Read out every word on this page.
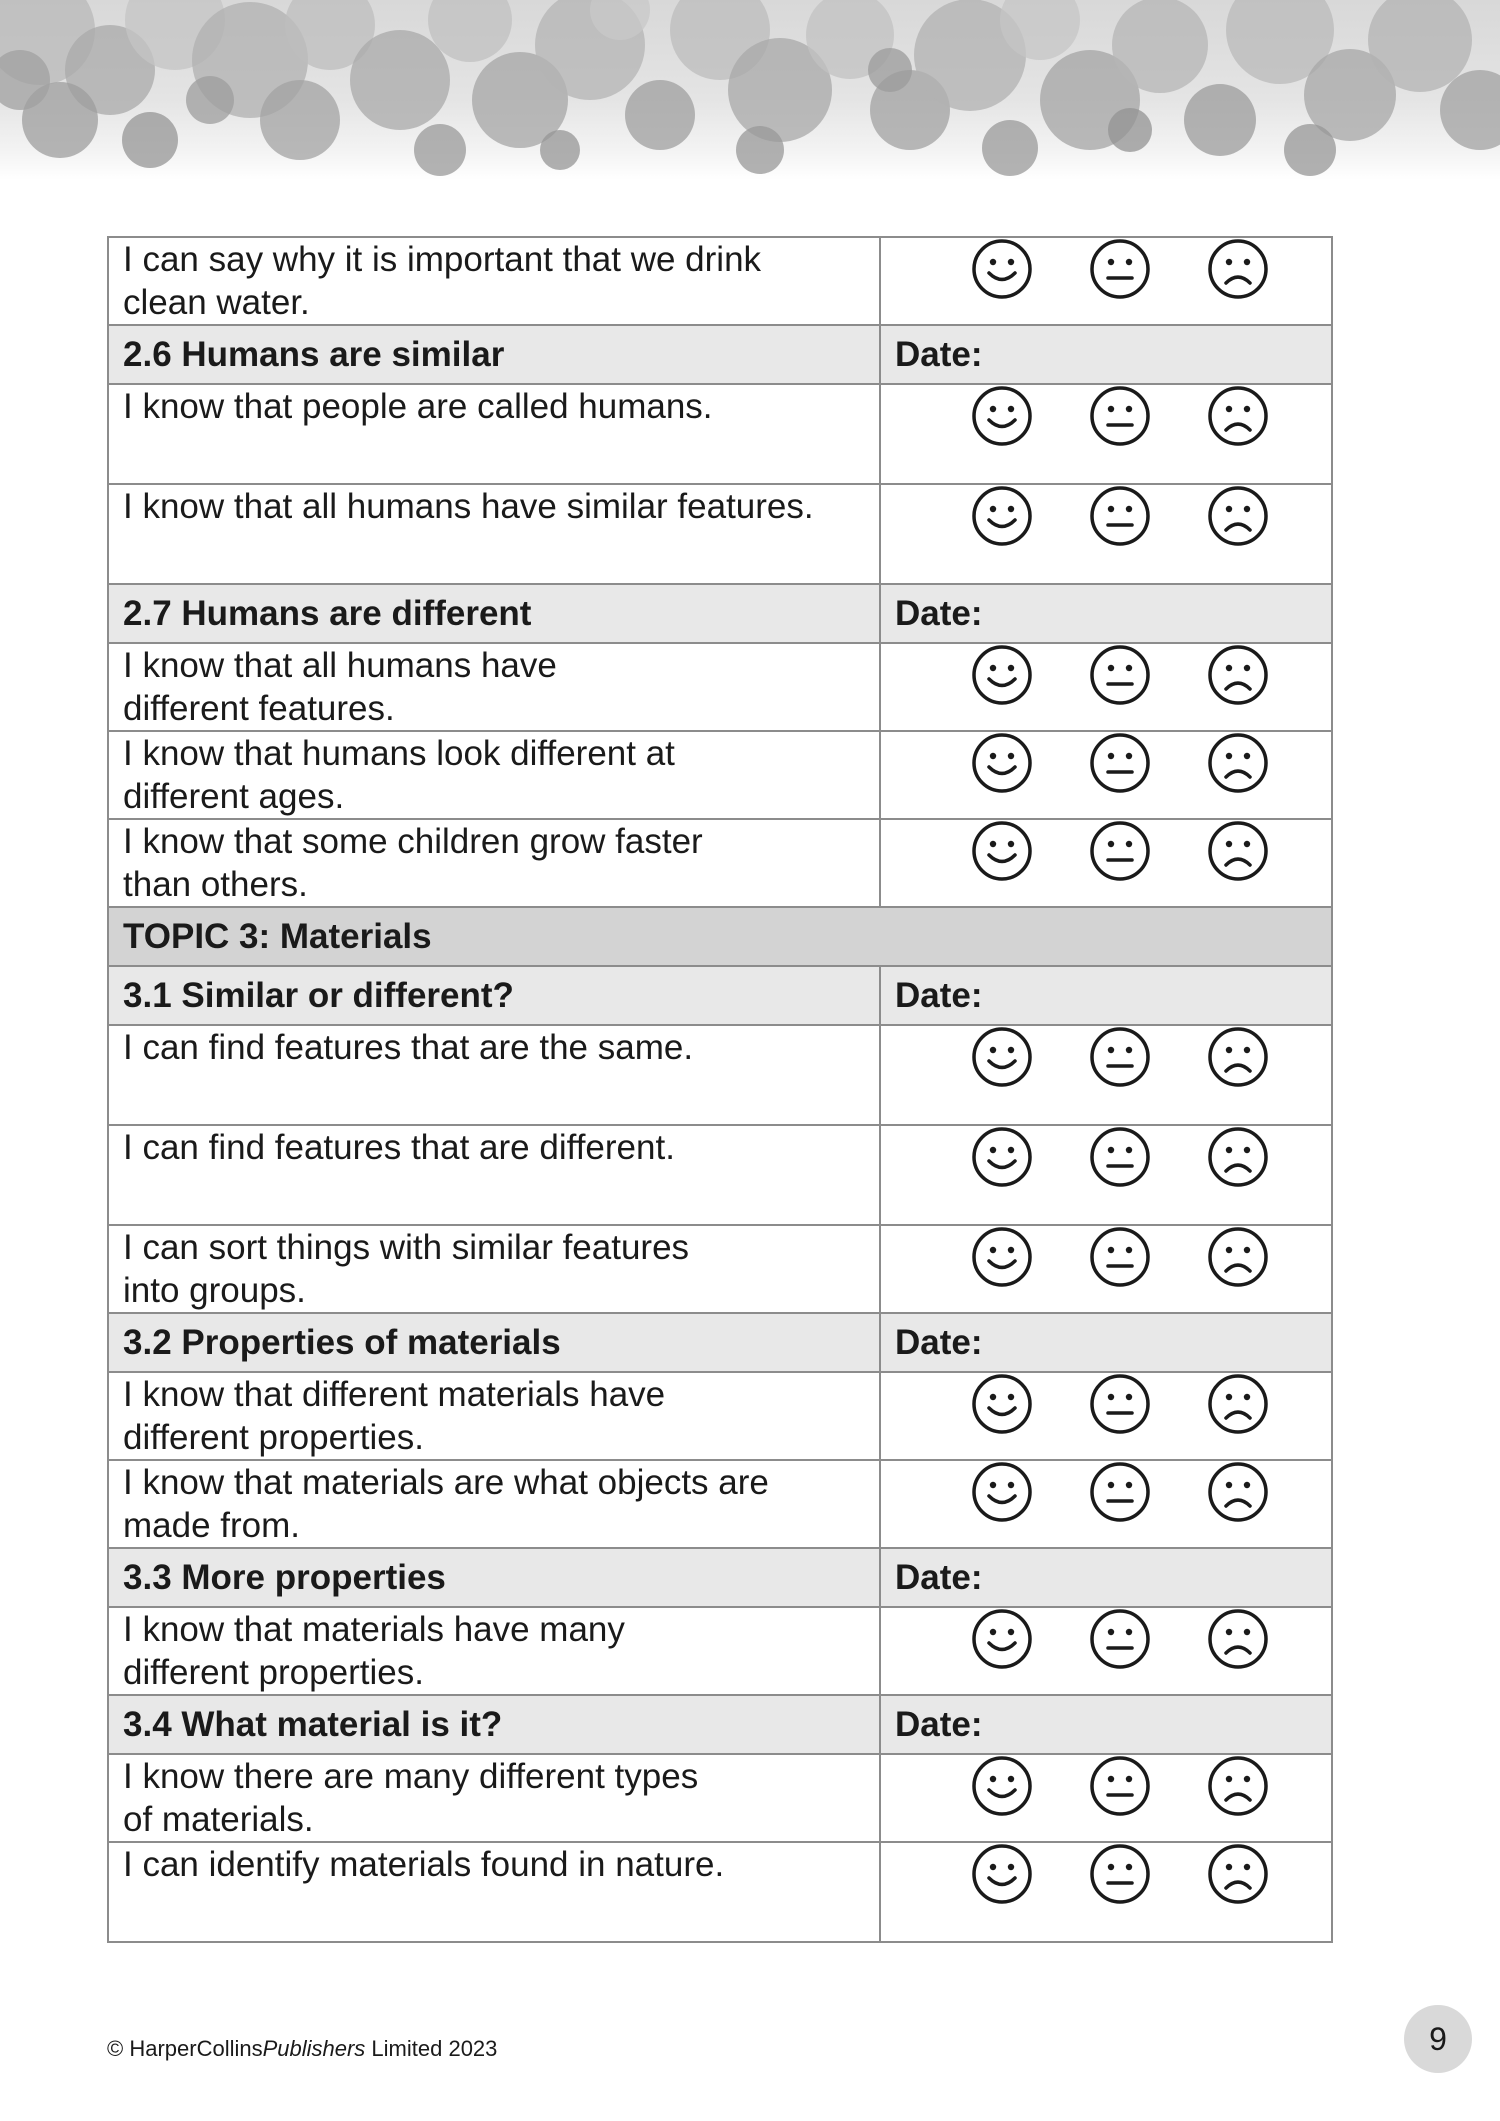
I can say why it is important that we drink
clean water.	

2.6 Humans are similar	Date:
I know that people are called humans.	

I know that all humans have similar features.	

2.7 Humans are different	Date:
I know that all humans have
different features.	

I know that humans look different at
different ages.	

I know that some children grow faster
than others.	

TOPIC 3: Materials	
3.1 Similar or different?	Date:
I can find features that are the same.	

I can find features that are different.	

I can sort things with similar features
into groups.	

3.2 Properties of materials	Date:
I know that different materials have
different properties.	

I know that materials are what objects are
made from.	

3.3 More properties	Date:
I know that materials have many
different properties.	

3.4 What material is it?	Date:
I know there are many different types
of materials.	

I can identify materials found in nature.	
© HarperCollinsPublishers Limited 2023	9
